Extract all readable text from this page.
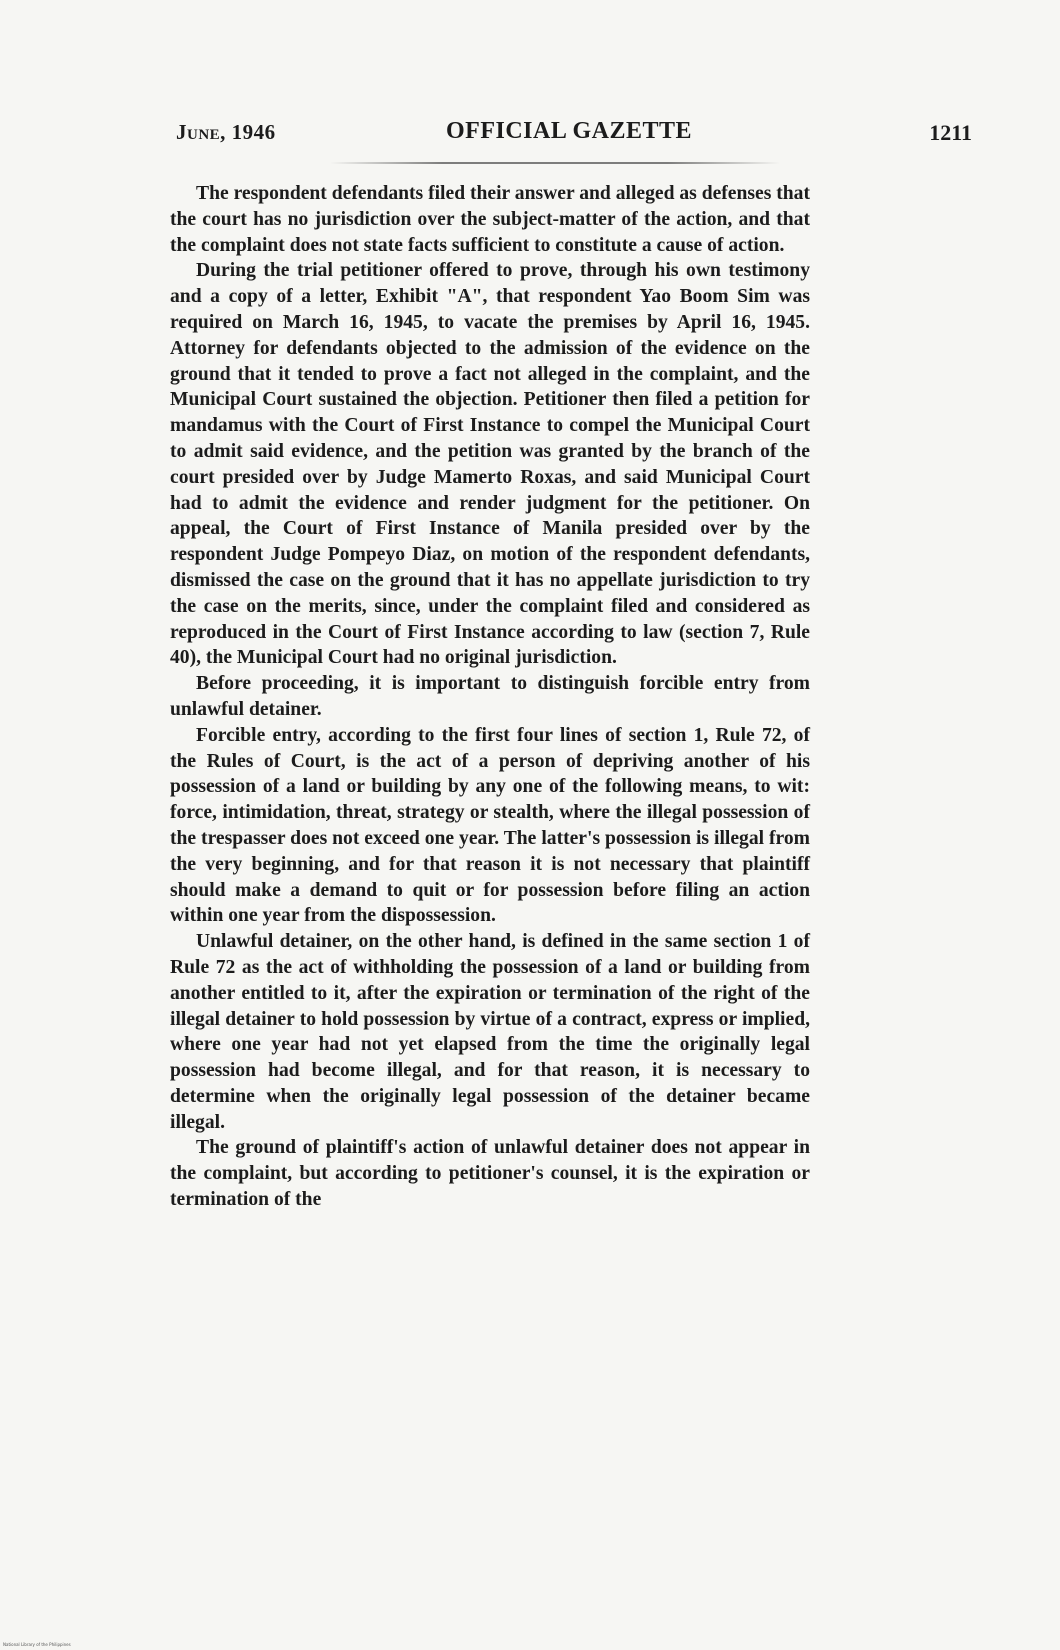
June, 1946	OFFICIAL GAZETTE	1211

The respondent defendants filed their answer and alleged as defenses that the court has no jurisdiction over the subject-matter of the action, and that the complaint does not state facts sufficient to constitute a cause of action.

During the trial petitioner offered to prove, through his own testimony and a copy of a letter, Exhibit "A", that respondent Yao Boom Sim was required on March 16, 1945, to vacate the premises by April 16, 1945. Attorney for defendants objected to the admission of the evidence on the ground that it tended to prove a fact not alleged in the complaint, and the Municipal Court sustained the objection. Petitioner then filed a petition for mandamus with the Court of First Instance to compel the Municipal Court to admit said evidence, and the petition was granted by the branch of the court presided over by Judge Mamerto Roxas, and said Municipal Court had to admit the evidence and render judgment for the petitioner. On appeal, the Court of First Instance of Manila presided over by the respondent Judge Pompeyo Diaz, on motion of the respondent defendants, dismissed the case on the ground that it has no appellate jurisdiction to try the case on the merits, since, under the complaint filed and considered as reproduced in the Court of First Instance according to law (section 7, Rule 40), the Municipal Court had no original jurisdiction.

Before proceeding, it is important to distinguish forcible entry from unlawful detainer.

Forcible entry, according to the first four lines of section 1, Rule 72, of the Rules of Court, is the act of a person of depriving another of his possession of a land or building by any one of the following means, to wit: force, intimidation, threat, strategy or stealth, where the illegal possession of the trespasser does not exceed one year. The latter's possession is illegal from the very beginning, and for that reason it is not necessary that plaintiff should make a demand to quit or for possession before filing an action within one year from the dispossession.

Unlawful detainer, on the other hand, is defined in the same section 1 of Rule 72 as the act of withholding the possession of a land or building from another entitled to it, after the expiration or termination of the right of the illegal detainer to hold possession by virtue of a contract, express or implied, where one year had not yet elapsed from the time the originally legal possession had become illegal, and for that reason, it is necessary to determine when the originally legal possession of the detainer became illegal.

The ground of plaintiff's action of unlawful detainer does not appear in the complaint, but according to petitioner's counsel, it is the expiration or termination of the

National Library of the Philippines
